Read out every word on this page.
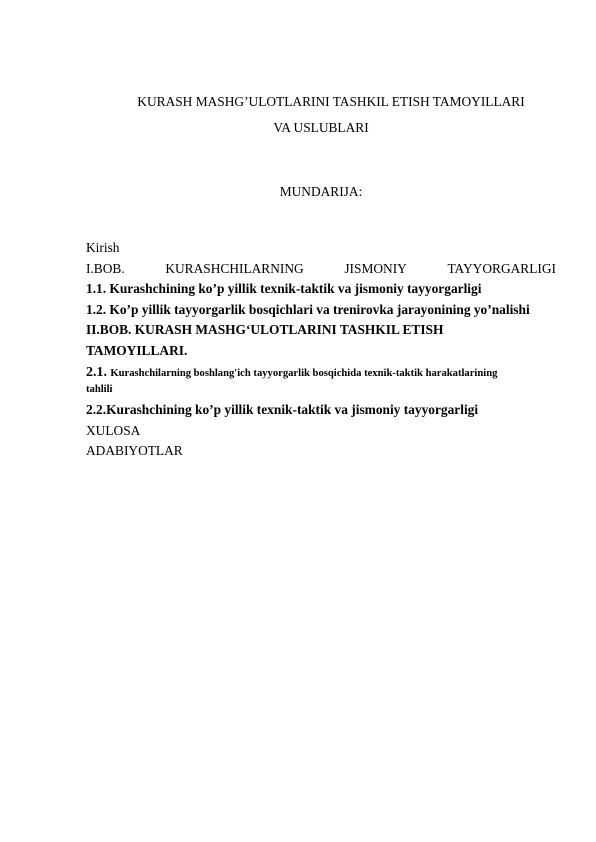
KURASH MASHG’ULOTLARINI TASHKIL ETISH TAMOYILLARI
VA USLUBLARI
MUNDARIJA:
Kirish
I.BOB.	KURASHCHILARNING	JISMONIY	TAYYORGARLIGI
1.1. Kurashchining ko’p yillik texnik-taktik va jismoniy tayyorgarligi
1.2. Ko’p yillik tayyorgarlik bosqichlari va trenirovka jarayonining yo’nalishi
II.BOB. KURASH MASHG‘ULOTLARINI TASHKIL ETISH
TAMOYILLARI.
2.1. Kurashchilarning boshlang'ich tayyorgarlik bosqichida texnik-taktik harakatlarining
tahlili
2.2.Kurashchining ko’p yillik texnik-taktik va jismoniy tayyorgarligi
XULOSA
ADABIYOTLAR
